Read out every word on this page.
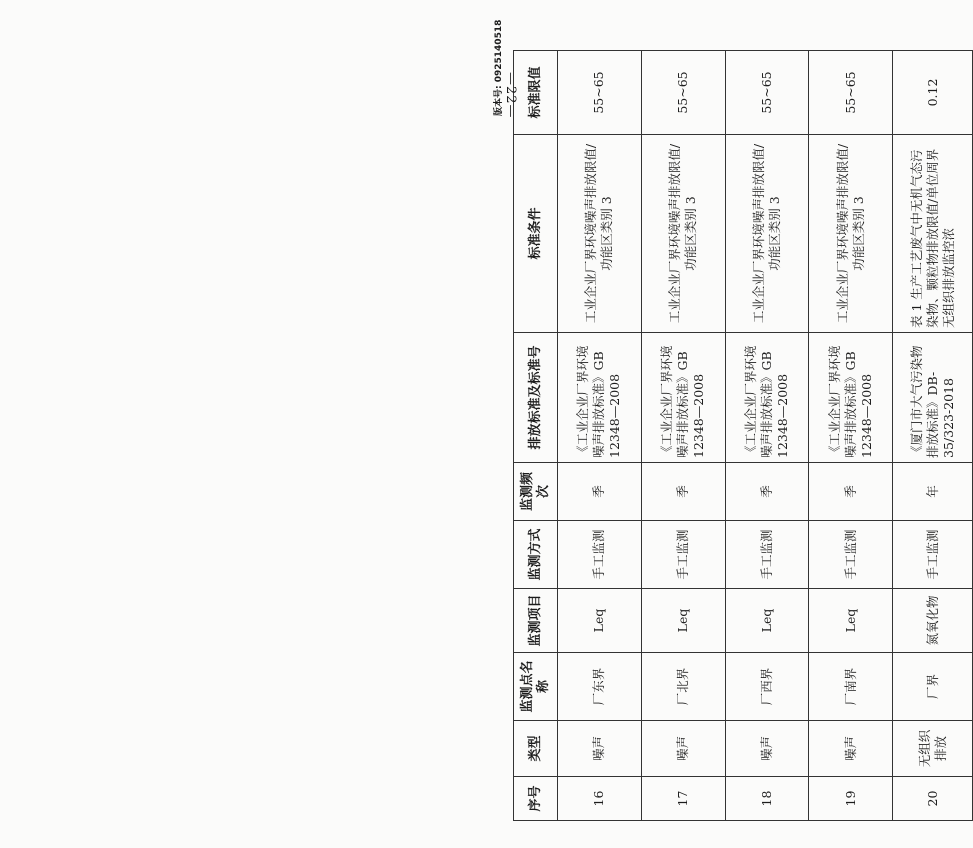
版本号: 0925140518
序号	类型	监测点名称	监测项目	监测方式	监测频次	排放标准及标准号	标准条件	标准限值
16	噪声	厂东界	Leq	手工监测	季	《工业企业厂界环境噪声排放标准》GB 12348—2008	工业企业厂界环境噪声排放限值/功能区类别 3	55~65
17	噪声	厂北界	Leq	手工监测	季	《工业企业厂界环境噪声排放标准》GB 12348—2008	工业企业厂界环境噪声排放限值/功能区类别 3	55~65
18	噪声	厂西界	Leq	手工监测	季	《工业企业厂界环境噪声排放标准》GB 12348—2008	工业企业厂界环境噪声排放限值/功能区类别 3	55~65
19	噪声	厂南界	Leq	手工监测	季	《工业企业厂界环境噪声排放标准》GB 12348—2008	工业企业厂界环境噪声排放限值/功能区类别 3	55~65
20	无组织排放	厂界	氮氧化物	手工监测	年	《厦门市大气污染物排放标准》DB-35/323-2018	表 1 生产工艺废气中无机气态污染物、颗粒物排放限值/单位周界无组织排放监控浓	0.12
—22—
